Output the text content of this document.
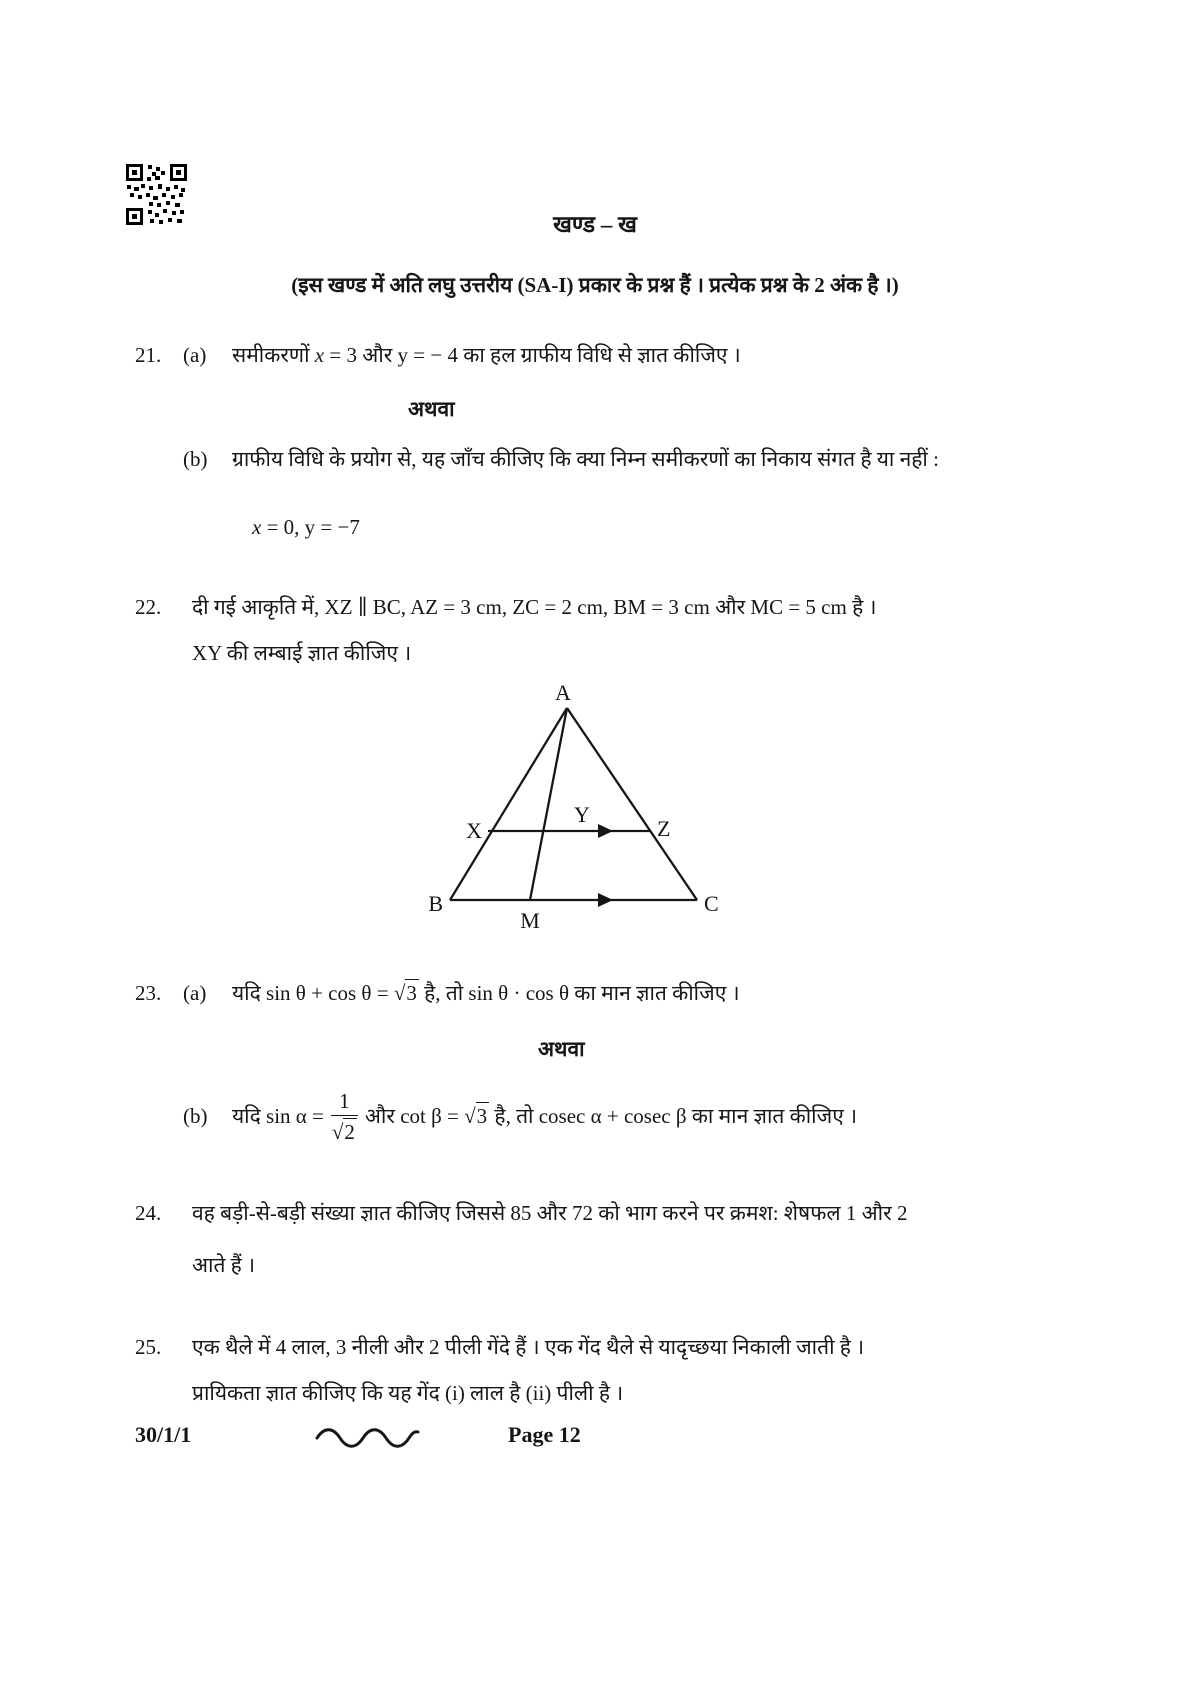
खण्ड – ख
(इस खण्ड में अति लघु उत्तरीय (SA-I) प्रकार के प्रश्न हैं । प्रत्येक प्रश्न के 2 अंक है ।)
21. (a) समीकरणों x = 3 और y = − 4 का हल ग्राफीय विधि से ज्ञात कीजिए ।
अथवा
(b) ग्राफीय विधि के प्रयोग से, यह जाँच कीजिए कि क्या निम्न समीकरणों का निकाय संगत है या नहीं :
x = 0, y = −7
22. दी गई आकृति में, XZ ∥ BC, AZ = 3 cm, ZC = 2 cm, BM = 3 cm और MC = 5 cm है ।
XY की लम्बाई ज्ञात कीजिए ।
A
X
Y
Z
B
M
C
23. (a) यदि sin θ + cos θ = √3 है, तो sin θ · cos θ का मान ज्ञात कीजिए ।
अथवा
(b)	यदि $\sin \alpha = \frac{1}{√2}$ और cot β = √3 है, तो cosec α + cosec β का मान ज्ञात कीजिए ।
24. वह बड़ी-से-बड़ी संख्या ज्ञात कीजिए जिससे 85 और 72 को भाग करने पर क्रमश: शेषफल 1 और 2
आते हैं ।
25. एक थैले में 4 लाल, 3 नीली और 2 पीली गेंदे हैं । एक गेंद थैले से यादृच्छया निकाली जाती है ।
प्रायिकता ज्ञात कीजिए कि यह गेंद (i) लाल है (ii) पीली है ।
30/1/1	Page 12
